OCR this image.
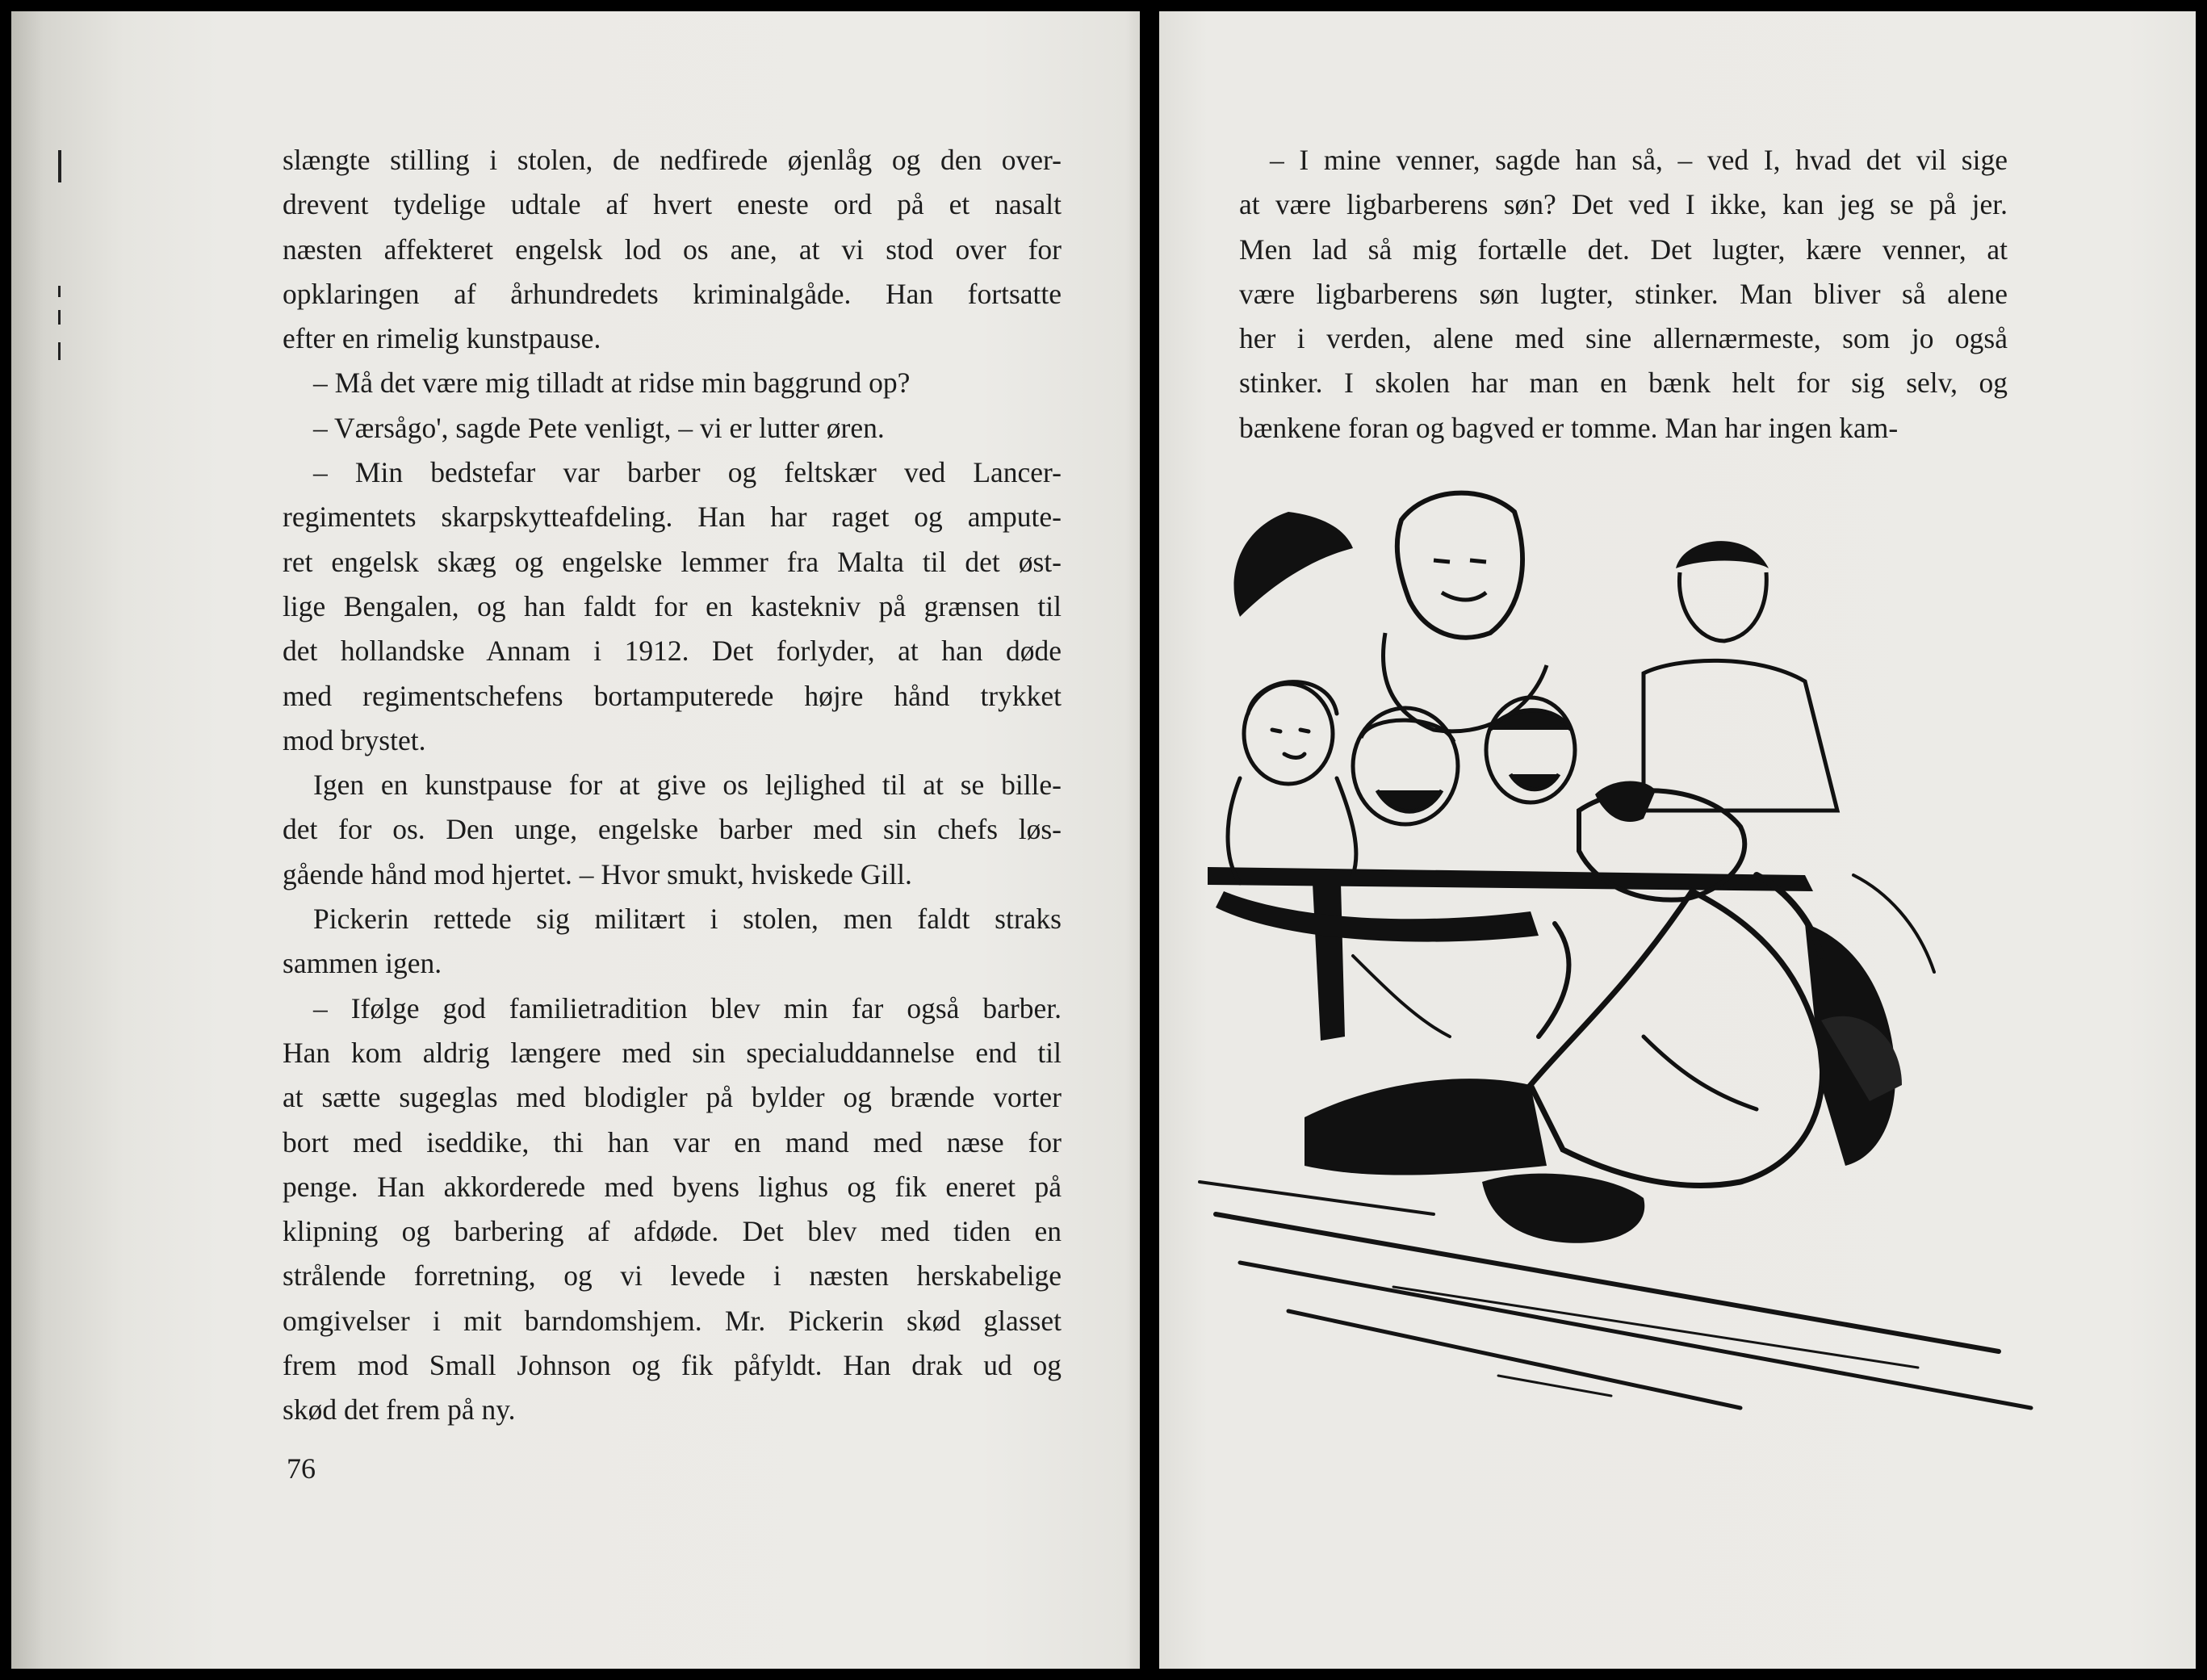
slængte stilling i stolen, de nedfirede øjenlåg og den over-
drevent tydelige udtale af hvert eneste ord på et nasalt
næsten affekteret engelsk lod os ane, at vi stod over for
opklaringen af århundredets kriminalgåde. Han fortsatte
efter en rimelig kunstpause.
– Må det være mig tilladt at ridse min baggrund op?
– Værsågo', sagde Pete venligt, – vi er lutter øren.
– Min bedstefar var barber og feltskær ved Lancer-
regimentets skarpskytteafdeling. Han har raget og ampute-
ret engelsk skæg og engelske lemmer fra Malta til det øst-
lige Bengalen, og han faldt for en kastekniv på grænsen til
det hollandske Annam i 1912. Det forlyder, at han døde
med regimentschefens bortamputerede højre hånd trykket
mod brystet.
Igen en kunstpause for at give os lejlighed til at se bille-
det for os. Den unge, engelske barber med sin chefs løs-
gående hånd mod hjertet. – Hvor smukt, hviskede Gill.
Pickerin rettede sig militært i stolen, men faldt straks
sammen igen.
– Ifølge god familietradition blev min far også barber.
Han kom aldrig længere med sin specialuddannelse end til
at sætte sugeglas med blodigler på bylder og brænde vorter
bort med iseddike, thi han var en mand med næse for
penge. Han akkorderede med byens lighus og fik eneret på
klipning og barbering af afdøde. Det blev med tiden en
strålende forretning, og vi levede i næsten herskabelige
omgivelser i mit barndomshjem. Mr. Pickerin skød glasset
frem mod Small Johnson og fik påfyldt. Han drak ud og
skød det frem på ny.
76
– I mine venner, sagde han så, – ved I, hvad det vil sige
at være ligbarberens søn? Det ved I ikke, kan jeg se på jer.
Men lad så mig fortælle det. Det lugter, kære venner, at
være ligbarberens søn lugter, stinker. Man bliver så alene
her i verden, alene med sine allernærmeste, som jo også
stinker. I skolen har man en bænk helt for sig selv, og
bænkene foran og bagved er tomme. Man har ingen kam-
